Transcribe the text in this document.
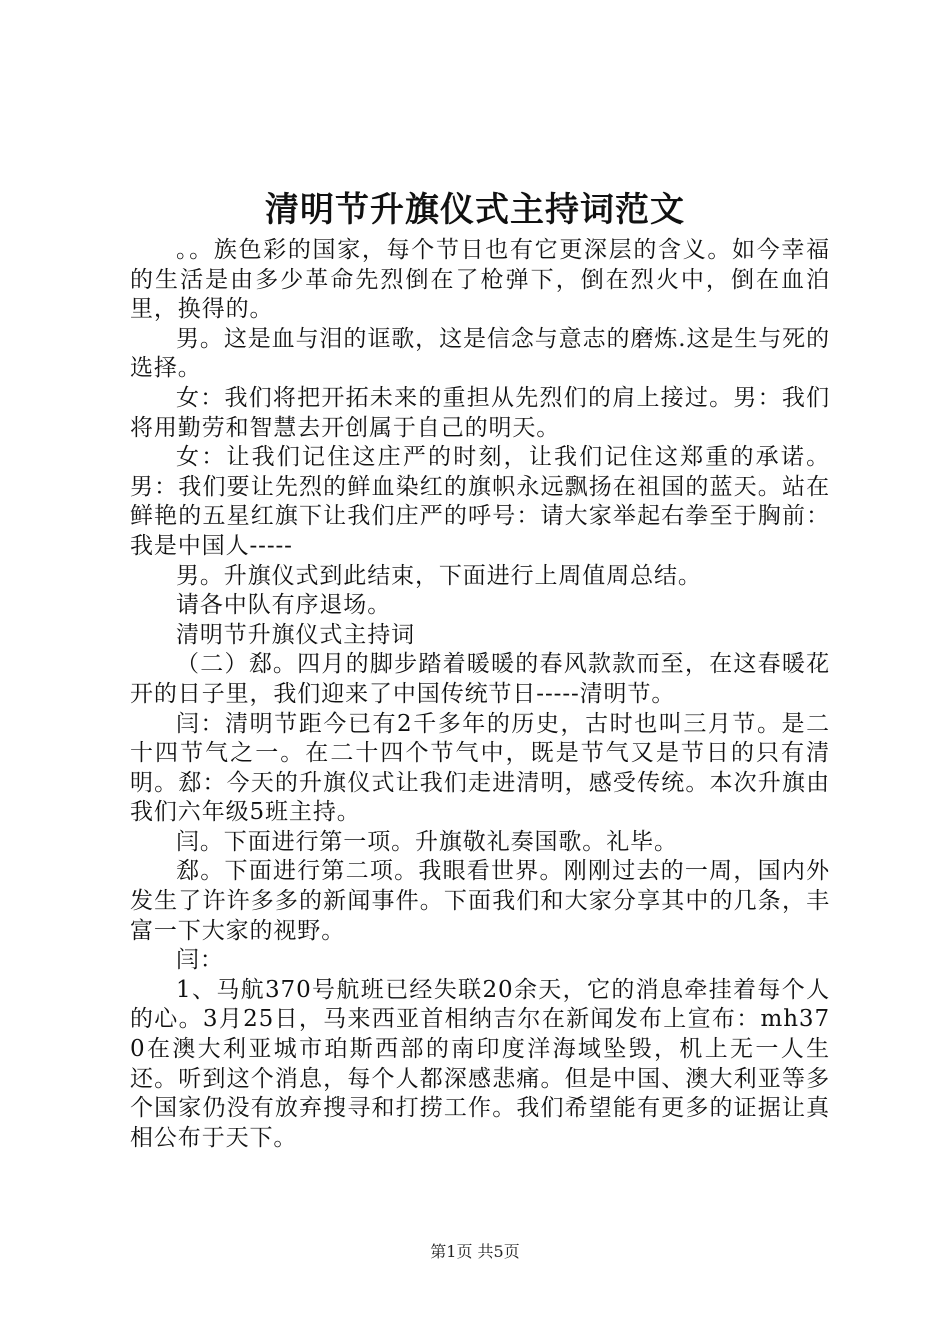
清明节升旗仪式主持词范文

。。族色彩的国家，每个节日也有它更深层的含义。如今幸福的生活是由多少革命先烈倒在了枪弹下，倒在烈火中，倒在血泊里，换得的。

男。这是血与泪的诓歌，这是信念与意志的磨炼.这是生与死的选择。

女：我们将把开拓未来的重担从先烈们的肩上接过。男：我们将用勤劳和智慧去开创属于自己的明天。

女：让我们记住这庄严的时刻，让我们记住这郑重的承诺。男：我们要让先烈的鲜血染红的旗帜永远飘扬在祖国的蓝天。站在鲜艳的五星红旗下让我们庄严的呼号：请大家举起右拳至于胸前：我是中国人-----

男。升旗仪式到此结束，下面进行上周值周总结。

请各中队有序退场。

清明节升旗仪式主持词

（二）郄。四月的脚步踏着暖暖的春风款款而至，在这春暖花开的日子里，我们迎来了中国传统节日-----清明节。

闫：清明节距今已有2千多年的历史，古时也叫三月节。是二十四节气之一。在二十四个节气中，既是节气又是节日的只有清明。郄：今天的升旗仪式让我们走进清明，感受传统。本次升旗由我们六年级5班主持。

闫。下面进行第一项。升旗敬礼奏国歌。礼毕。

郄。下面进行第二项。我眼看世界。刚刚过去的一周，国内外发生了许许多多的新闻事件。下面我们和大家分享其中的几条，丰富一下大家的视野。

闫：

1、马航370号航班已经失联20余天，它的消息牵挂着每个人的心。3月25日，马来西亚首相纳吉尔在新闻发布上宣布：mh370在澳大利亚城市珀斯西部的南印度洋海域坠毁，机上无一人生还。听到这个消息，每个人都深感悲痛。但是中国、澳大利亚等多个国家仍没有放弃搜寻和打捞工作。我们希望能有更多的证据让真相公布于天下。

第1页 共5页
